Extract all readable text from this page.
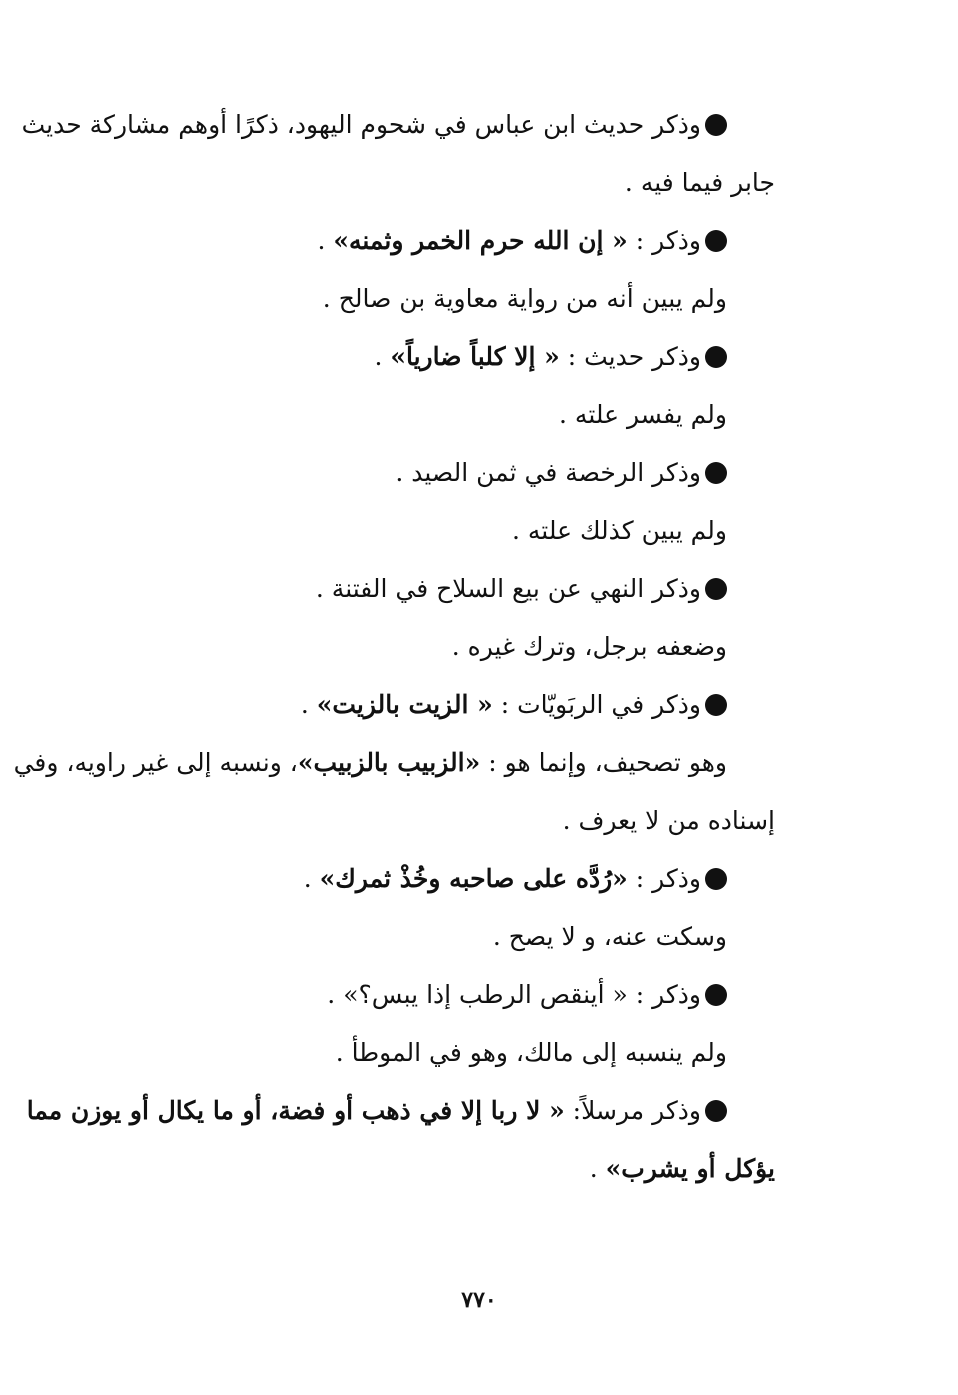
وذكر حديث ابن عباس في شحوم اليهود، ذكرًا أوهم مشاركة حديث

جابر فيما فيه .

وذكر : « إن الله حرم الخمر وثمنه» .

ولم يبين أنه من رواية معاوية بن صالح .

وذكر حديث : « إلا كلباً ضارياً» .

ولم يفسر علته .

وذكر الرخصة في ثمن الصيد .

ولم يبين كذلك علته .

وذكر النهي عن بيع السلاح في الفتنة .

وضعفه برجل، وترك غيره .

وذكر في الربَويّات : « الزيت بالزيت» .

وهو تصحيف، وإنما هو : «الزبيب بالزبيب»، ونسبه إلى غير راويه، وفي

إسناده من لا يعرف .

وذكر : «رُدَّه على صاحبه وخُذْ ثمرك» .

وسكت عنه، و لا يصح .

وذكر : « أينقص الرطب إذا يبس؟» .

ولم ينسبه إلى مالك، وهو في الموطأ .

وذكر مرسلاً: « لا ربا إلا في ذهب أو فضة، أو ما يكال أو يوزن مما

يؤكل أو يشرب» .

٧٧٠
